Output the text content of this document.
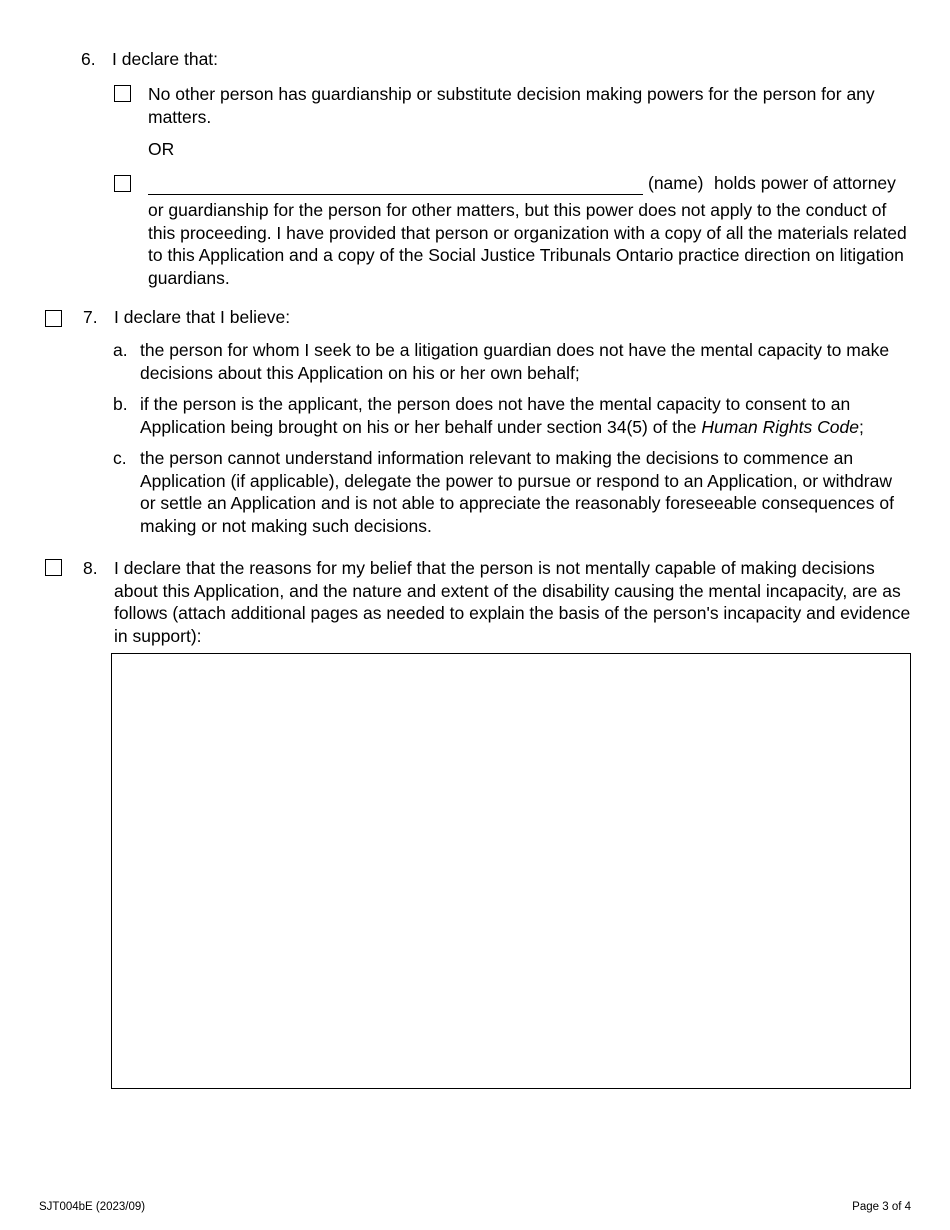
6. I declare that:

No other person has guardianship or substitute decision making powers for the person for any matters.

OR
(name) holds power of attorney

or guardianship for the person for other matters, but this power does not apply to the conduct of this proceeding. I have provided that person or organization with a copy of all the materials related to this Application and a copy of the Social Justice Tribunals Ontario practice direction on litigation guardians.

7. I declare that I believe:
a. the person for whom I seek to be a litigation guardian does not have the mental capacity to make decisions about this Application on his or her own behalf;

b. if the person is the applicant, the person does not have the mental capacity to consent to an Application being brought on his or her behalf under section 34(5) of the Human Rights Code;

c. the person cannot understand information relevant to making the decisions to commence an Application (if applicable), delegate the power to pursue or respond to an Application, or withdraw or settle an Application and is not able to appreciate the reasonably foreseeable consequences of making or not making such decisions.

8. I declare that the reasons for my belief that the person is not mentally capable of making decisions about this Application, and the nature and extent of the disability causing the mental incapacity, are as follows (attach additional pages as needed to explain the basis of the person's incapacity and evidence in support):

SJT004bE (2023/09)	Page 3 of 4
